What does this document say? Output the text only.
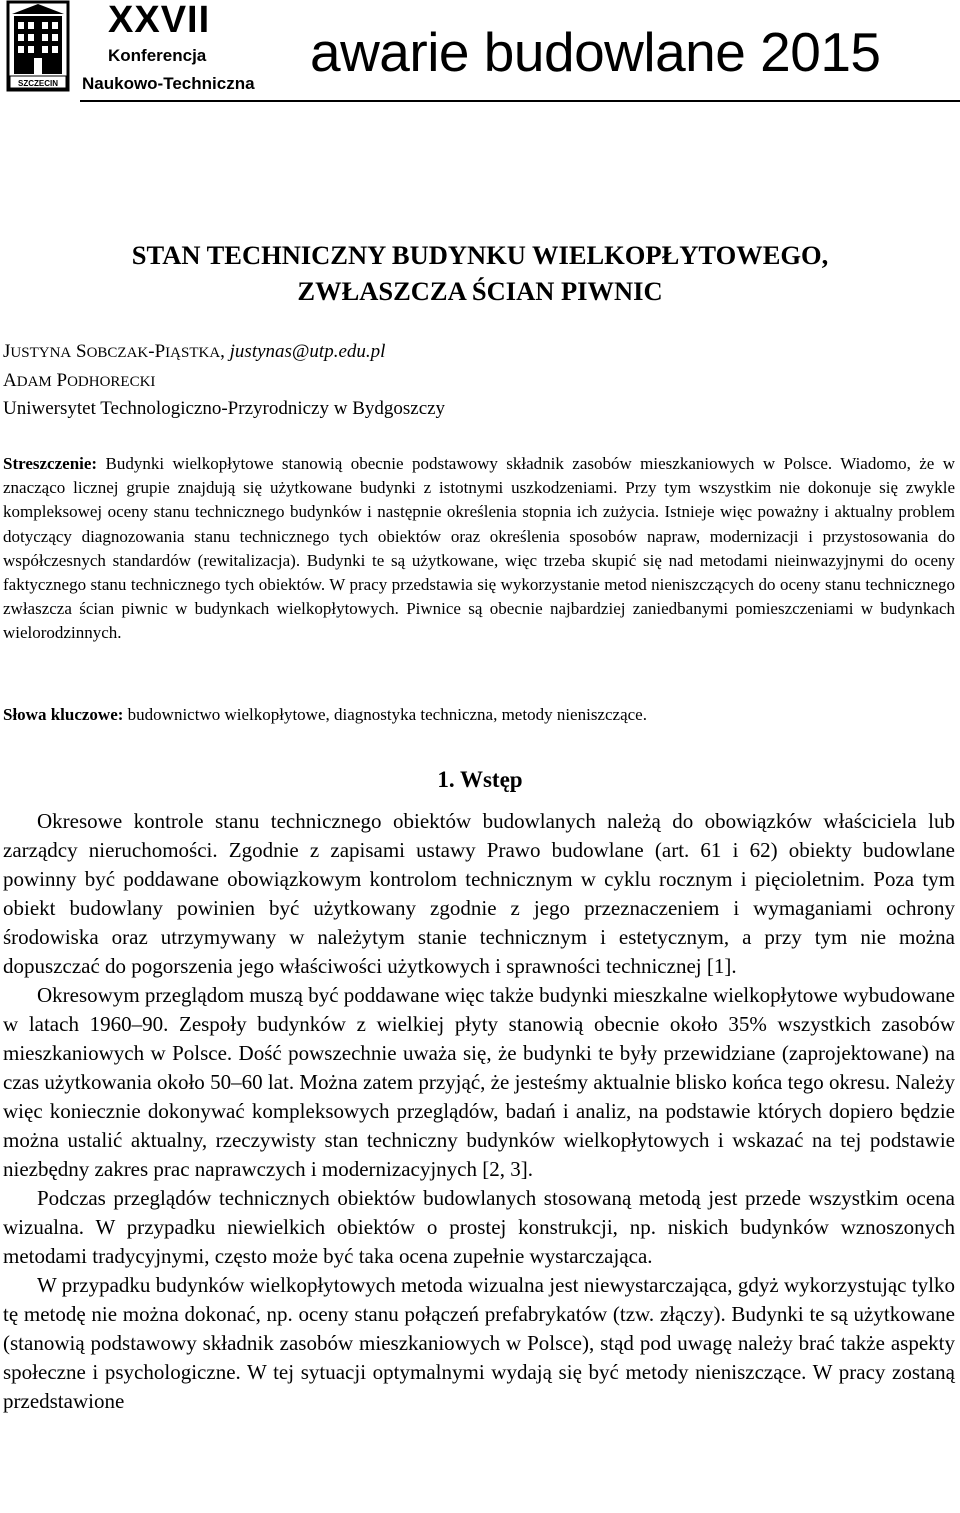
SZCZECIN
XXVII
Konferencja
Naukowo-Techniczna
awarie budowlane 2015
STAN TECHNICZNY BUDYNKU WIELKOPŁYTOWEGO,
ZWŁASZCZA ŚCIAN PIWNIC
JUSTYNA SOBCZAK-PIĄSTKA, justynas@utp.edu.pl
ADAM PODHORECKI
Uniwersytet Technologiczno-Przyrodniczy w Bydgoszczy
Streszczenie: Budynki wielkopłytowe stanowią obecnie podstawowy składnik zasobów mieszkaniowych w Polsce. Wiadomo, że w znacząco licznej grupie znajdują się użytkowane budynki z istotnymi uszkodzeniami. Przy tym wszystkim nie dokonuje się zwykle kompleksowej oceny stanu technicznego budynków i następnie określenia stopnia ich zużycia. Istnieje więc poważny i aktualny problem dotyczący diagnozowania stanu technicznego tych obiektów oraz określenia sposobów napraw, modernizacji i przystosowania do współczesnych standardów (rewitalizacja). Budynki te są użytkowane, więc trzeba skupić się nad metodami nieinwazyjnymi do oceny faktycznego stanu technicznego tych obiektów. W pracy przedstawia się wykorzystanie metod nieniszczących do oceny stanu technicznego zwłaszcza ścian piwnic w budynkach wielkopłytowych. Piwnice są obecnie najbardziej zaniedbanymi pomieszczeniami w budynkach wielorodzinnych.
Słowa kluczowe: budownictwo wielkopłytowe, diagnostyka techniczna, metody nieniszczące.
1. Wstęp

Okresowe kontrole stanu technicznego obiektów budowlanych należą do obowiązków właściciela lub zarządcy nieruchomości. Zgodnie z zapisami ustawy Prawo budowlane (art. 61 i 62) obiekty budowlane powinny być poddawane obowiązkowym kontrolom technicznym w cyklu rocznym i pięcioletnim. Poza tym obiekt budowlany powinien być użytkowany zgodnie z jego przeznaczeniem i wymaganiami ochrony środowiska oraz utrzymywany w należytym stanie technicznym i estetycznym, a przy tym nie można dopuszczać do pogorszenia jego właściwości użytkowych i sprawności technicznej [1].

Okresowym przeglądom muszą być poddawane więc także budynki mieszkalne wielkopłytowe wybudowane w latach 1960–90. Zespoły budynków z wielkiej płyty stanowią obecnie około 35% wszystkich zasobów mieszkaniowych w Polsce. Dość powszechnie uważa się, że budynki te były przewidziane (zaprojektowane) na czas użytkowania około 50–60 lat. Można zatem przyjąć, że jesteśmy aktualnie blisko końca tego okresu. Należy więc koniecznie dokonywać kompleksowych przeglądów, badań i analiz, na podstawie których dopiero będzie można ustalić aktualny, rzeczywisty stan techniczny budynków wielkopłytowych i wskazać na tej podstawie niezbędny zakres prac naprawczych i modernizacyjnych [2, 3].

Podczas przeglądów technicznych obiektów budowlanych stosowaną metodą jest przede wszystkim ocena wizualna. W przypadku niewielkich obiektów o prostej konstrukcji, np. niskich budynków wznoszonych metodami tradycyjnymi, często może być taka ocena zupełnie wystarczająca.

W przypadku budynków wielkopłytowych metoda wizualna jest niewystarczająca, gdyż wykorzystując tylko tę metodę nie można dokonać, np. oceny stanu połączeń prefabrykatów (tzw. złączy). Budynki te są użytkowane (stanowią podstawowy składnik zasobów mieszkaniowych w Polsce), stąd pod uwagę należy brać także aspekty społeczne i psychologiczne. W tej sytuacji optymalnymi wydają się być metody nieniszczące. W pracy zostaną przedstawione
